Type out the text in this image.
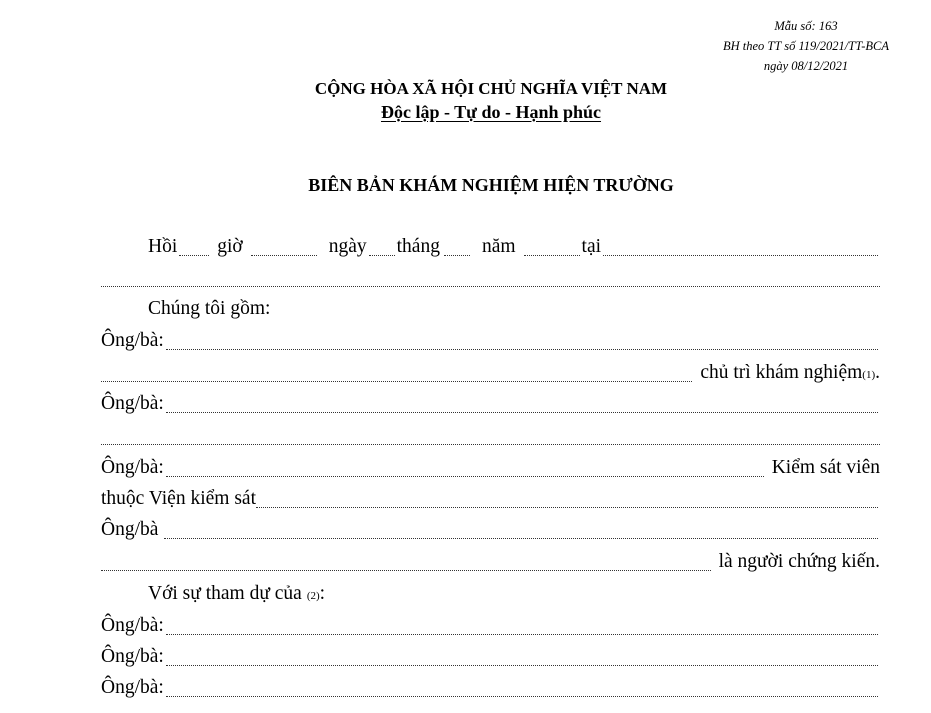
Mẫu số: 163
BH theo TT số 119/2021/TT-BCA
ngày 08/12/2021
CỘNG HÒA XÃ HỘI CHỦ NGHĨA VIỆT NAM
Độc lập - Tự do - Hạnh phúc
BIÊN BẢN KHÁM NGHIỆM HIỆN TRƯỜNG
Hồi giờ	ngày tháng năm	tại
Chúng tôi gồm:
Ông/bà:
chủ trì khám nghiệm (1) .
Ông/bà:
Ông/bà:	Kiểm sát viên
thuộc Viện kiểm sát
Ông/bà
là người chứng kiến.
Với sự tham dự của (2) :
Ông/bà:
Ông/bà:
Ông/bà:
